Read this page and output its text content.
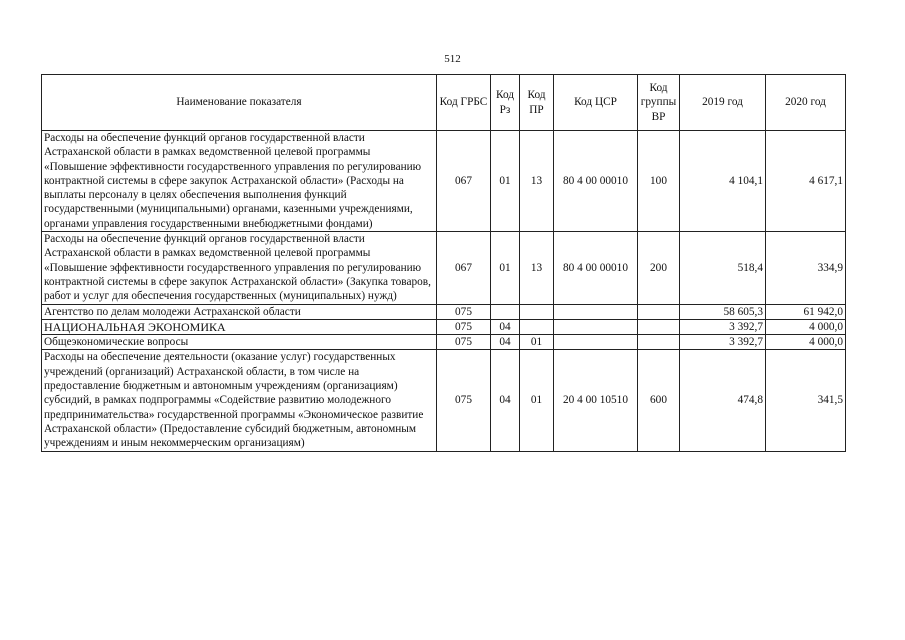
512
Наименование показателя	Код ГРБС	Код Рз	Код ПР	Код ЦСР	Код группы ВР	2019 год	2020 год
Расходы на обеспечение функций органов государственной власти Астраханской области в рамках ведомственной целевой программы «Повышение эффективности государственного управления по регулированию контрактной системы в сфере закупок Астраханской области» (Расходы на выплаты персоналу в целях обеспечения выполнения функций государственными (муниципальными) органами, казенными учреждениями, органами управления государственными внебюджетными фондами)	067	01	13	80 4 00 00010	100	4 104,1	4 617,1
Расходы на обеспечение функций органов государственной власти Астраханской области в рамках ведомственной целевой программы «Повышение эффективности государственного управления по регулированию контрактной системы в сфере закупок Астраханской области» (Закупка товаров, работ и услуг для обеспечения государственных (муниципальных) нужд)	067	01	13	80 4 00 00010	200	518,4	334,9
Агентство по делам молодежи Астраханской области	075					58 605,3	61 942,0
НАЦИОНАЛЬНАЯ ЭКОНОМИКА	075	04				3 392,7	4 000,0
Общеэкономические вопросы	075	04	01			3 392,7	4 000,0
Расходы на обеспечение деятельности (оказание услуг) государственных учреждений (организаций) Астраханской области, в том числе на предоставление бюджетным и автономным учреждениям (организациям) субсидий, в рамках подпрограммы «Содействие развитию молодежного предпринимательства» государственной программы «Экономическое развитие Астраханской области» (Предоставление субсидий бюджетным, автономным учреждениям и иным некоммерческим организациям)	075	04	01	20 4 00 10510	600	474,8	341,5
